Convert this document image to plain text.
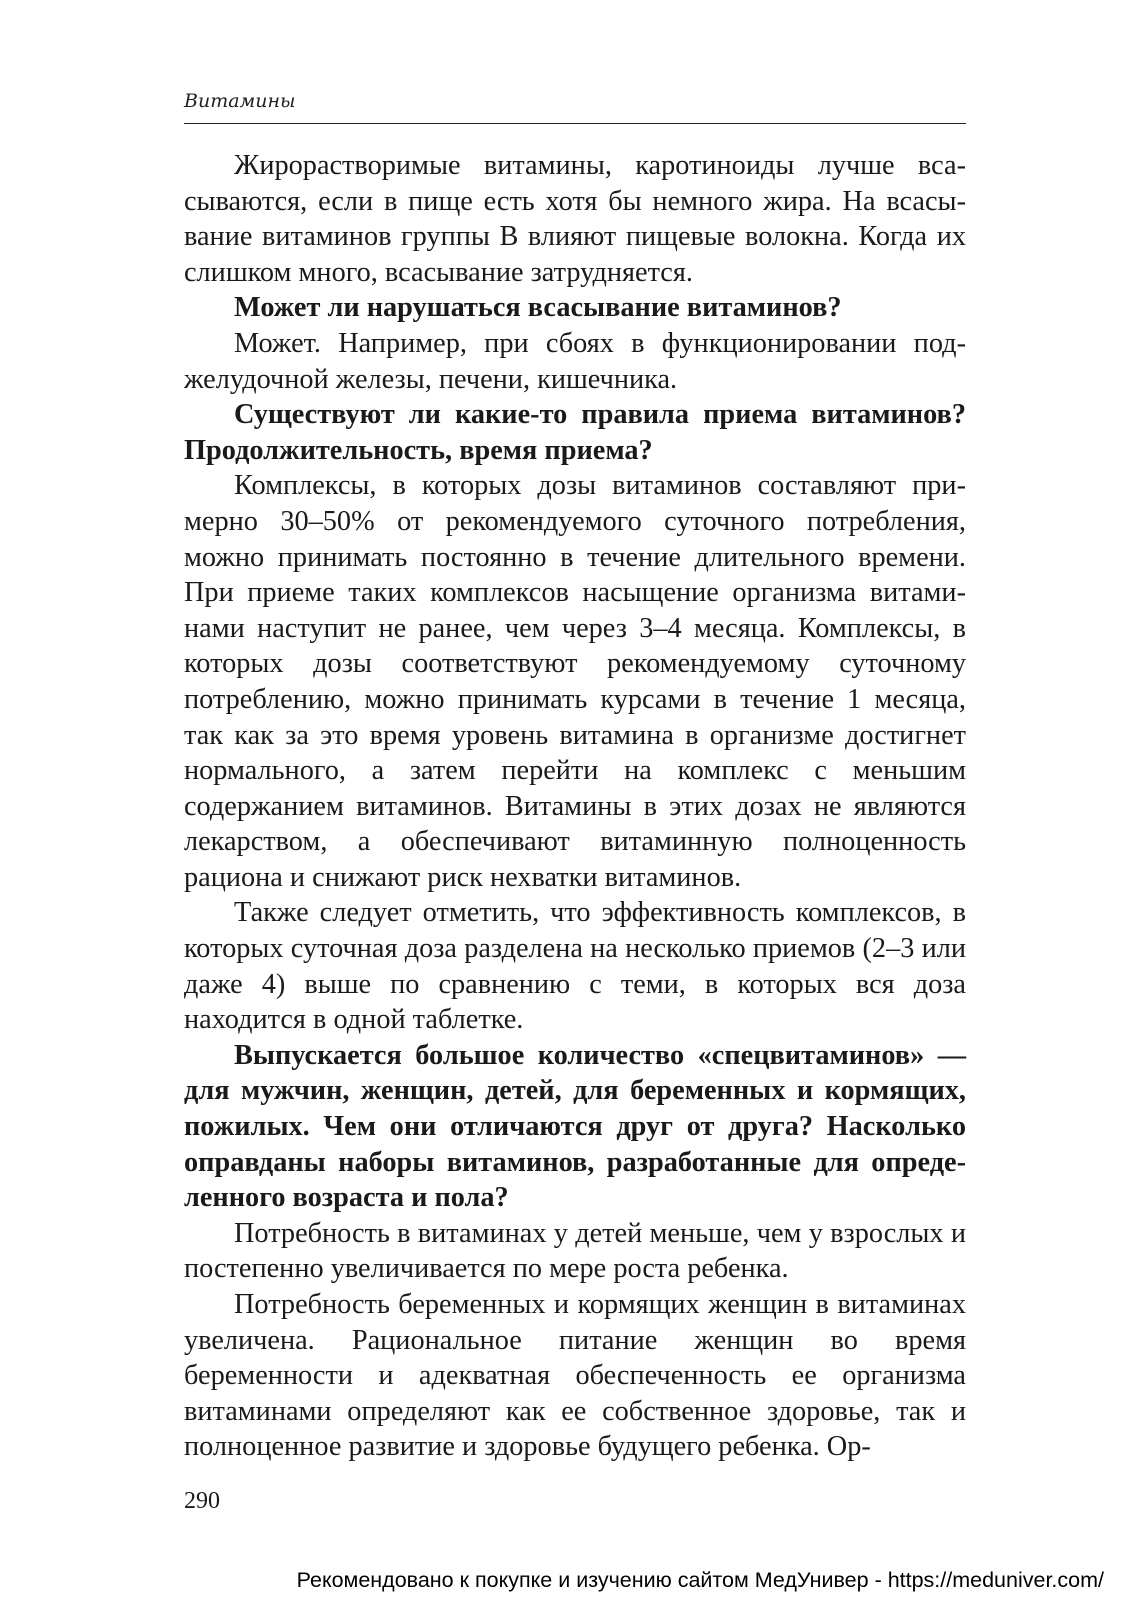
Витамины

Жирорастворимые витамины, каротиноиды лучше всасываются, если в пище есть хотя бы немного жира. На всасывание витаминов группы В влияют пищевые волокна. Когда их слишком много, всасывание затрудняется.

Может ли нарушаться всасывание витаминов?

Может. Например, при сбоях в функционировании поджелудочной железы, печени, кишечника.

Существуют ли какие-то правила приема витаминов? Продолжительность, время приема?

Комплексы, в которых дозы витаминов составляют примерно 30–50% от рекомендуемого суточного потребления, можно принимать постоянно в течение длительного времени. При приеме таких комплексов насыщение организма витаминами наступит не ранее, чем через 3–4 месяца. Комплексы, в которых дозы соответствуют рекомендуемому суточному потреблению, можно принимать курсами в течение 1 месяца, так как за это время уровень витамина в организме достигнет нормального, а затем перейти на комплекс с меньшим содержанием витаминов. Витамины в этих дозах не являются лекарством, а обеспечивают витаминную полноценность рациона и снижают риск нехватки витаминов.

Также следует отметить, что эффективность комплексов, в которых суточная доза разделена на несколько приемов (2–3 или даже 4) выше по сравнению с теми, в которых вся доза находится в одной таблетке.

Выпускается большое количество «спецвитаминов» — для мужчин, женщин, детей, для беременных и кормящих, пожилых. Чем они отличаются друг от друга? Насколько оправданы наборы витаминов, разработанные для определенного возраста и пола?

Потребность в витаминах у детей меньше, чем у взрослых и постепенно увеличивается по мере роста ребенка.

Потребность беременных и кормящих женщин в витаминах увеличена. Рациональное питание женщин во время беременности и адекватная обеспеченность ее организма витаминами определяют как ее собственное здоровье, так и полноценное развитие и здоровье будущего ребенка. Ор-

290
Рекомендовано к покупке и изучению сайтом МедУнивер - https://meduniver.com/
